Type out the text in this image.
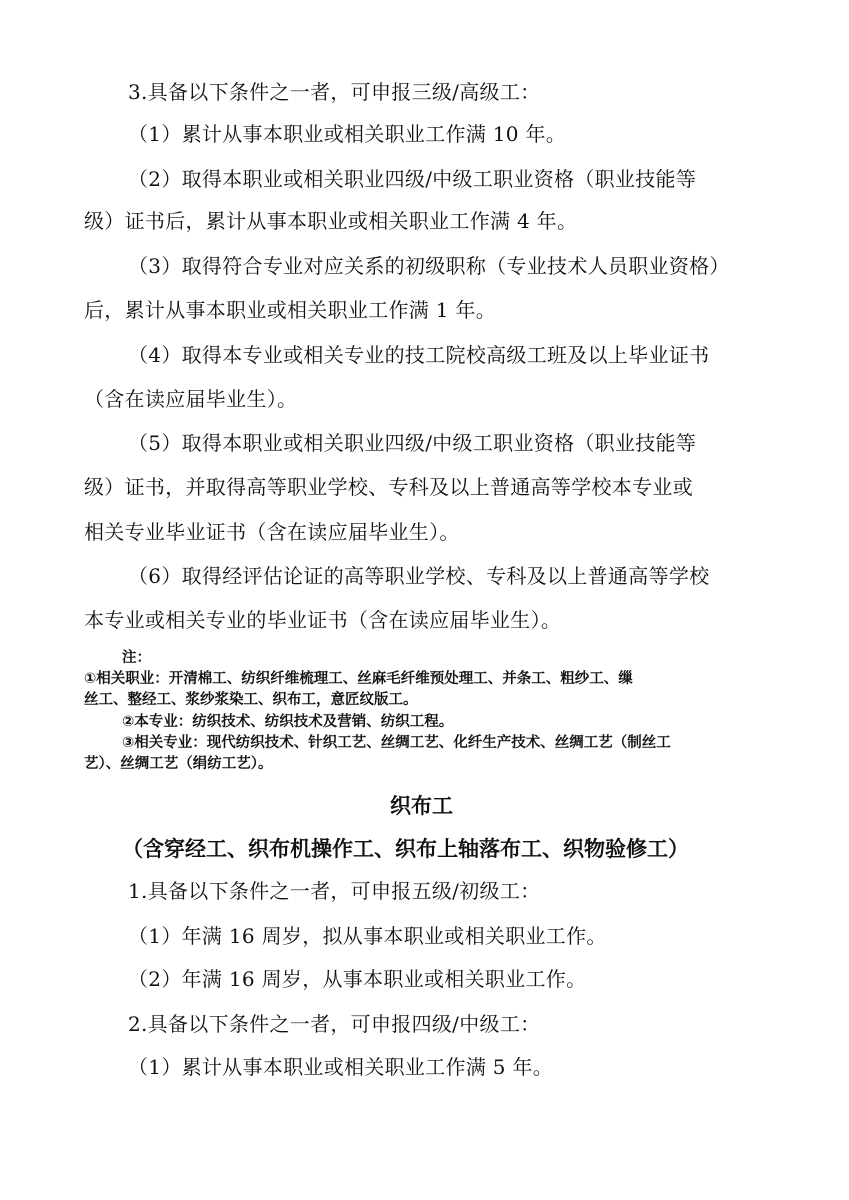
3.具备以下条件之一者，可申报三级/高级工：
（1）累计从事本职业或相关职业工作满 10 年。
（2）取得本职业或相关职业四级/中级工职业资格（职业技能等
级）证书后，累计从事本职业或相关职业工作满 4 年。
（3）取得符合专业对应关系的初级职称（专业技术人员职业资格）
后，累计从事本职业或相关职业工作满 1 年。
（4）取得本专业或相关专业的技工院校高级工班及以上毕业证书
（含在读应届毕业生）。
（5）取得本职业或相关职业四级/中级工职业资格（职业技能等
级）证书，并取得高等职业学校、专科及以上普通高等学校本专业或
相关专业毕业证书（含在读应届毕业生）。
（6）取得经评估论证的高等职业学校、专科及以上普通高等学校
本专业或相关专业的毕业证书（含在读应届毕业生）。
注：
①相关职业：开清棉工、纺织纤维梳理工、丝麻毛纤维预处理工、并条工、粗纱工、缫
丝工、整经工、浆纱浆染工、织布工，意匠纹版工。
②本专业：纺织技术、纺织技术及营销、纺织工程。
③相关专业：现代纺织技术、针织工艺、丝绸工艺、化纤生产技术、丝绸工艺（制丝工
艺）、丝绸工艺（绢纺工艺）。
织布工
（含穿经工、织布机操作工、织布上轴落布工、织物验修工）
1.具备以下条件之一者，可申报五级/初级工：
（1）年满 16 周岁，拟从事本职业或相关职业工作。
（2）年满 16 周岁，从事本职业或相关职业工作。
2.具备以下条件之一者，可申报四级/中级工：
（1）累计从事本职业或相关职业工作满 5 年。
